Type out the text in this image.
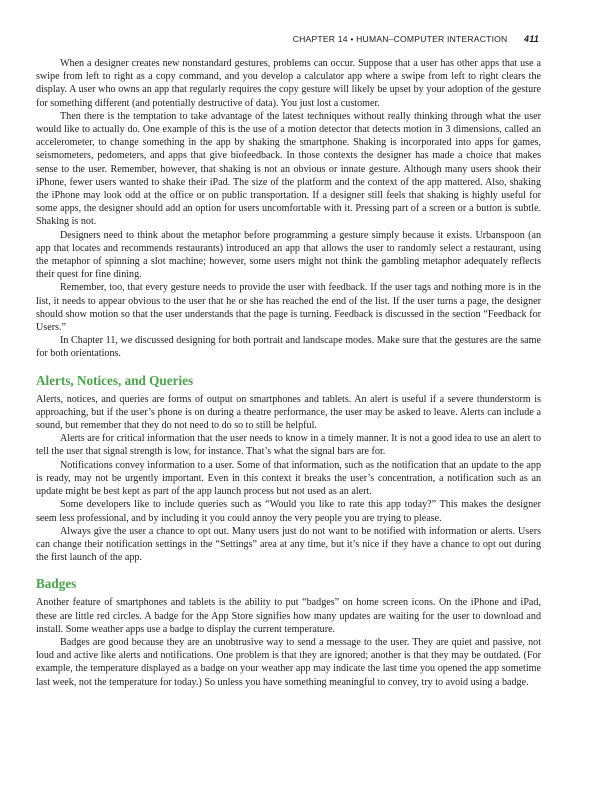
CHAPTER 14 • HUMAN–COMPUTER INTERACTION 411

When a designer creates new nonstandard gestures, problems can occur. Suppose that a user has other apps that use a swipe from left to right as a copy command, and you develop a calculator app where a swipe from left to right clears the display. A user who owns an app that regularly requires the copy gesture will likely be upset by your adoption of the gesture for something different (and potentially destructive of data). You just lost a customer.

Then there is the temptation to take advantage of the latest techniques without really thinking through what the user would like to actually do. One example of this is the use of a motion detector that detects motion in 3 dimensions, called an accelerometer, to change something in the app by shaking the smartphone. Shaking is incorporated into apps for games, seismometers, pedometers, and apps that give biofeedback. In those contexts the designer has made a choice that makes sense to the user. Remember, however, that shaking is not an obvious or innate gesture. Although many users shook their iPhone, fewer users wanted to shake their iPad. The size of the platform and the context of the app mattered. Also, shaking the iPhone may look odd at the office or on public transportation. If a designer still feels that shaking is highly useful for some apps, the designer should add an option for users uncomfortable with it. Pressing part of a screen or a button is subtle. Shaking is not.

Designers need to think about the metaphor before programming a gesture simply because it exists. Urbanspoon (an app that locates and recommends restaurants) introduced an app that allows the user to randomly select a restaurant, using the metaphor of spinning a slot machine; however, some users might not think the gambling metaphor adequately reflects their quest for fine dining.

Remember, too, that every gesture needs to provide the user with feedback. If the user tags and nothing more is in the list, it needs to appear obvious to the user that he or she has reached the end of the list. If the user turns a page, the designer should show motion so that the user understands that the page is turning. Feedback is discussed in the section “Feedback for Users.”

In Chapter 11, we discussed designing for both portrait and landscape modes. Make sure that the gestures are the same for both orientations.

Alerts, Notices, and Queries

Alerts, notices, and queries are forms of output on smartphones and tablets. An alert is useful if a severe thunderstorm is approaching, but if the user’s phone is on during a theatre performance, the user may be asked to leave. Alerts can include a sound, but remember that they do not need to do so to still be helpful.

Alerts are for critical information that the user needs to know in a timely manner. It is not a good idea to use an alert to tell the user that signal strength is low, for instance. That’s what the signal bars are for.

Notifications convey information to a user. Some of that information, such as the notification that an update to the app is ready, may not be urgently important. Even in this context it breaks the user’s concentration, a notification such as an update might be best kept as part of the app launch process but not used as an alert.

Some developers like to include queries such as “Would you like to rate this app today?” This makes the designer seem less professional, and by including it you could annoy the very people you are trying to please.

Always give the user a chance to opt out. Many users just do not want to be notified with information or alerts. Users can change their notification settings in the “Settings” area at any time, but it’s nice if they have a chance to opt out during the first launch of the app.

Badges

Another feature of smartphones and tablets is the ability to put “badges” on home screen icons. On the iPhone and iPad, these are little red circles. A badge for the App Store signifies how many updates are waiting for the user to download and install. Some weather apps use a badge to display the current temperature.

Badges are good because they are an unobtrusive way to send a message to the user. They are quiet and passive, not loud and active like alerts and notifications. One problem is that they are ignored; another is that they may be outdated. (For example, the temperature displayed as a badge on your weather app may indicate the last time you opened the app sometime last week, not the temperature for today.) So unless you have something meaningful to convey, try to avoid using a badge.
